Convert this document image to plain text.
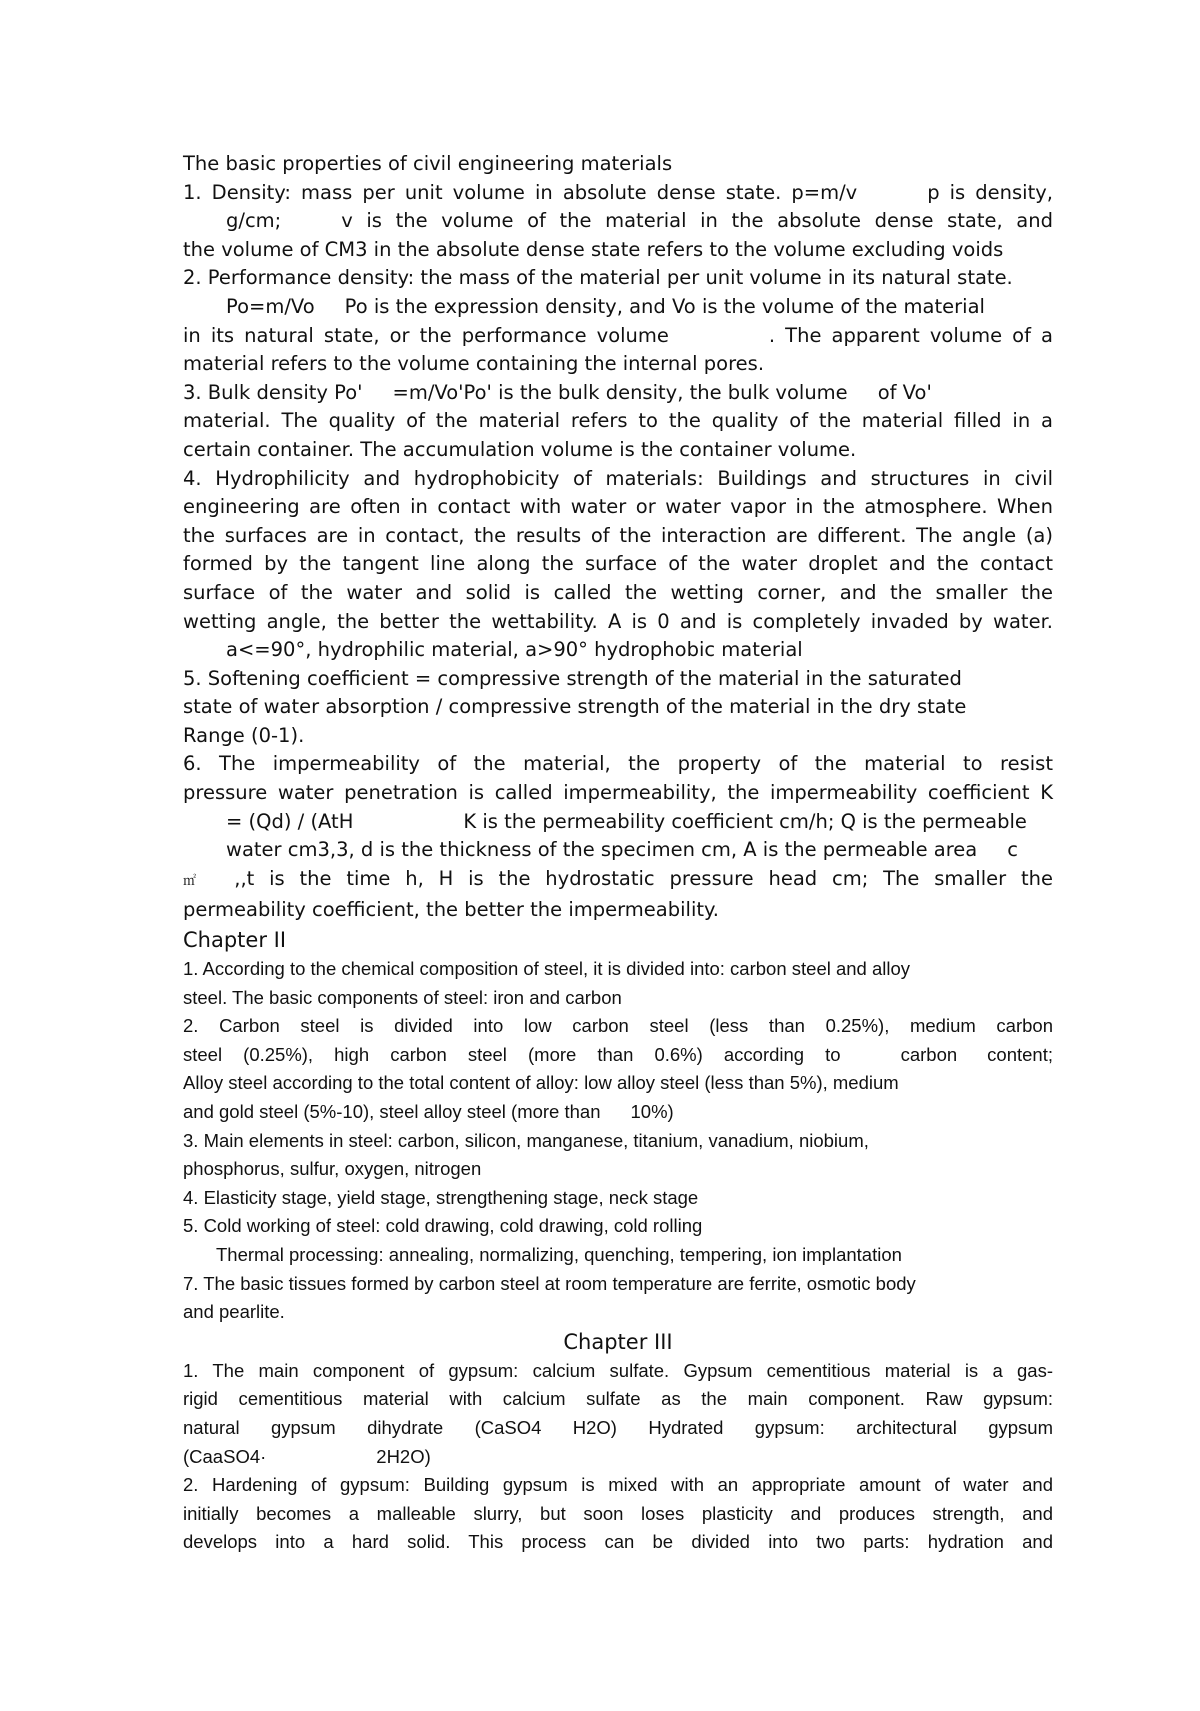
The basic properties of civil engineering materials

1. Density: mass per unit volume in absolute dense state. p=m/v	p is density,

g/cm;	v is the volume of the material in the absolute dense state, and

the volume of CM3 in the absolute dense state refers to the volume excluding voids

2. Performance density: the mass of the material per unit volume in its natural state.

Po=m/Vo Po is the expression density, and Vo is the volume of the material

in its natural state, or the performance volume	. The apparent volume of a

material refers to the volume containing the internal pores.

3. Bulk density Po' =m/Vo'Po' is the bulk density, the bulk volume of Vo'

material. The quality of the material refers to the quality of the material filled in a

certain container. The accumulation volume is the container volume.

4. Hydrophilicity and hydrophobicity of materials: Buildings and structures in civil

engineering are often in contact with water or water vapor in the atmosphere. When

the surfaces are in contact, the results of the interaction are different. The angle (a)

formed by the tangent line along the surface of the water droplet and the contact

surface of the water and solid is called the wetting corner, and the smaller the

wetting angle, the better the wettability. A is 0 and is completely invaded by water.

a<=90°, hydrophilic material, a>90° hydrophobic material

5. Softening coefficient = compressive strength of the material in the saturated

state of water absorption / compressive strength of the material in the dry state

Range (0-1).

6. The impermeability of the material, the property of the material to resist

pressure water penetration is called impermeability, the impermeability coefficient K

= (Qd) / (AtH	K is the permeability coefficient cm/h; Q is the permeable

water cm3,3, d is the thickness of the specimen cm, A is the permeable area c

㎡ ,,t is the time h, H is the hydrostatic pressure head cm; The smaller the

permeability coefficient, the better the impermeability.

Chapter II

1. According to the chemical composition of steel, it is divided into: carbon steel and alloy

steel. The basic components of steel: iron and carbon

2. Carbon steel is divided into low carbon steel (less than 0.25%), medium carbon

steel (0.25%), high carbon steel (more than 0.6%) according to	carbon content;

Alloy steel according to the total content of alloy: low alloy steel (less than 5%), medium

and gold steel (5%-10), steel alloy steel (more than 10%)

3. Main elements in steel: carbon, silicon, manganese, titanium, vanadium, niobium,

phosphorus, sulfur, oxygen, nitrogen

4. Elasticity stage, yield stage, strengthening stage, neck stage

5. Cold working of steel: cold drawing, cold drawing, cold rolling

Thermal processing: annealing, normalizing, quenching, tempering, ion implantation

7. The basic tissues formed by carbon steel at room temperature are ferrite, osmotic body

and pearlite.

Chapter III

1. The main component of gypsum: calcium sulfate. Gypsum cementitious material is a gas-

rigid cementitious material with calcium sulfate as the main component. Raw gypsum:

natural gypsum dihydrate (CaSO4 H2O) Hydrated gypsum: architectural gypsum

(CaaSO4·	2H2O)

2. Hardening of gypsum: Building gypsum is mixed with an appropriate amount of water and

initially becomes a malleable slurry, but soon loses plasticity and produces strength, and

develops into a hard solid. This process can be divided into two parts: hydration and
